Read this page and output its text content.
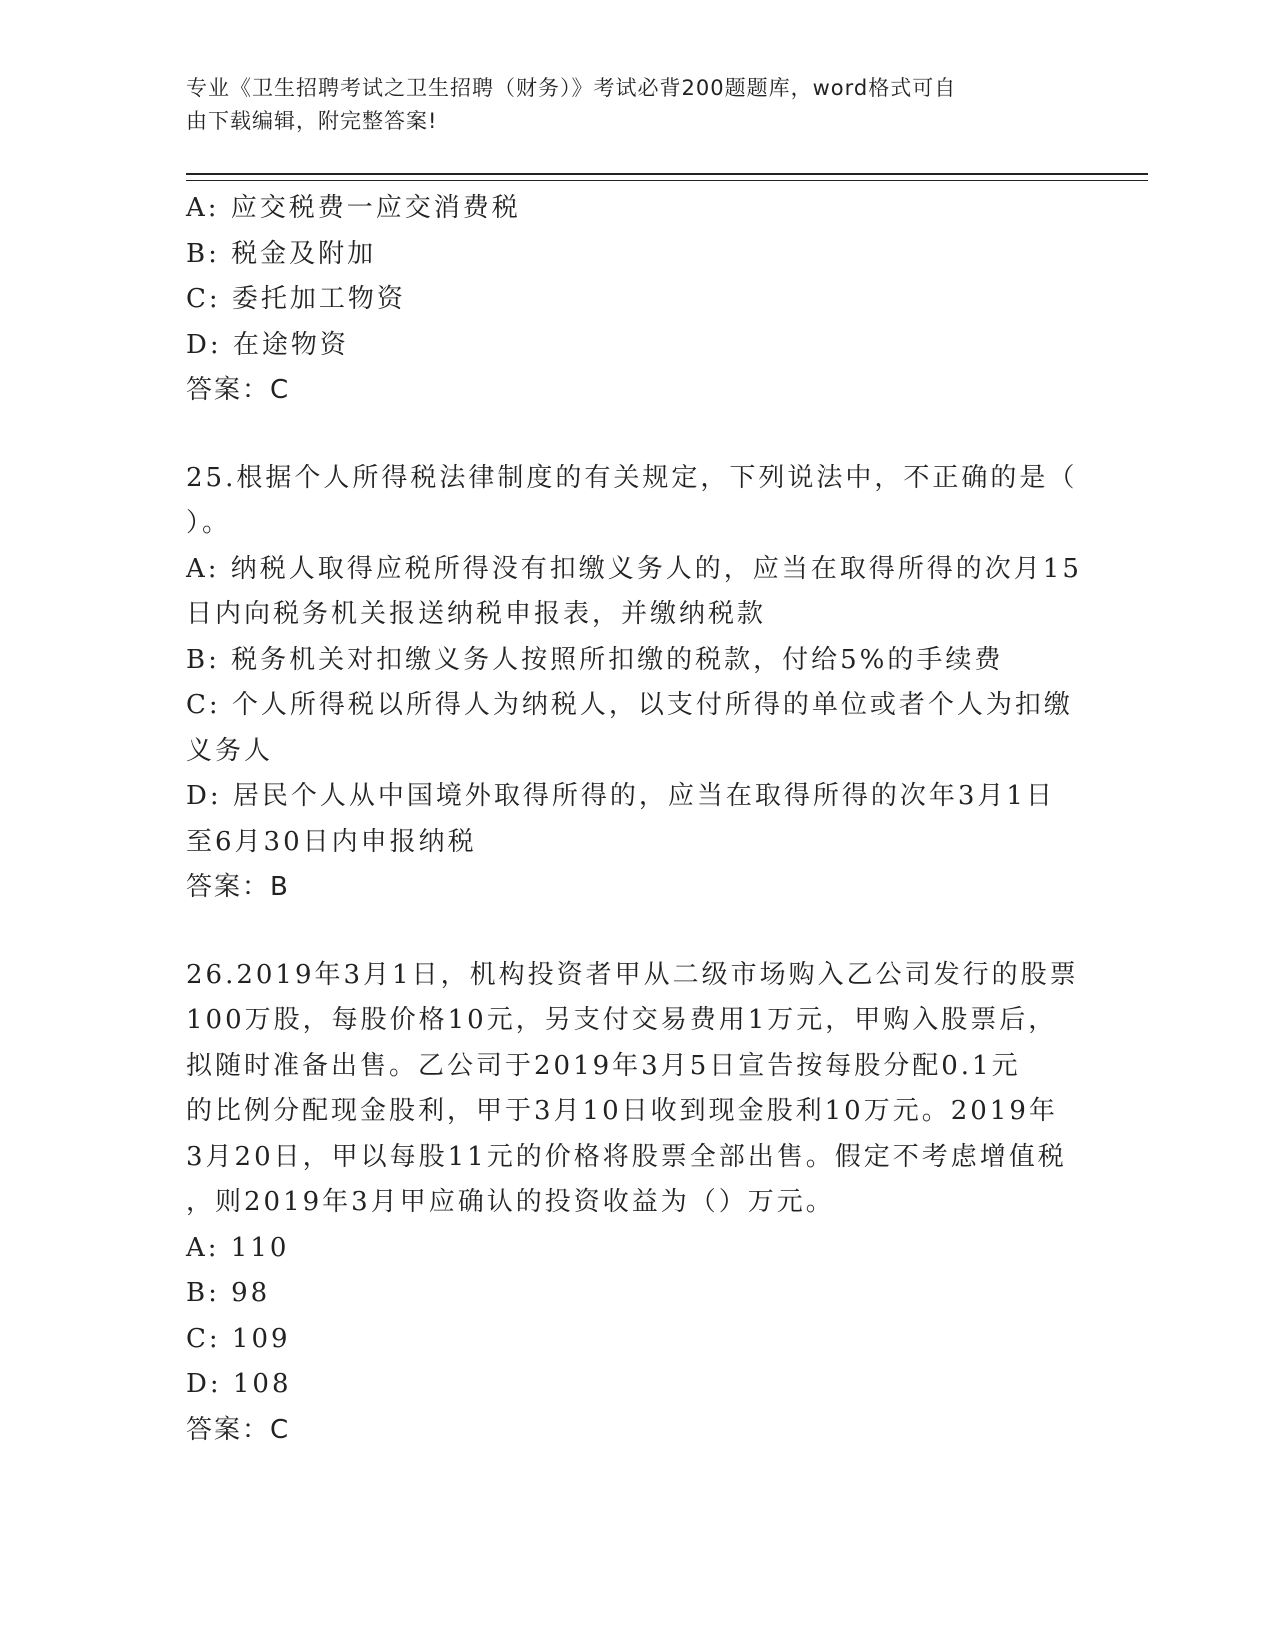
专业《卫生招聘考试之卫生招聘（财务）》考试必背200题题库，word格式可自
由下载编辑，附完整答案!
A: 应交税费一应交消费税
B: 税金及附加
C: 委托加工物资
D: 在途物资
答案：C
25.根据个人所得税法律制度的有关规定，下列说法中，不正确的是（
）。
A: 纳税人取得应税所得没有扣缴义务人的，应当在取得所得的次月15
日内向税务机关报送纳税申报表，并缴纳税款
B: 税务机关对扣缴义务人按照所扣缴的税款，付给5%的手续费
C: 个人所得税以所得人为纳税人，以支付所得的单位或者个人为扣缴
义务人
D: 居民个人从中国境外取得所得的，应当在取得所得的次年3月1日
至6月30日内申报纳税
答案：B
26.2019年3月1日，机构投资者甲从二级市场购入乙公司发行的股票
100万股，每股价格10元，另支付交易费用1万元，甲购入股票后，
拟随时准备出售。乙公司于2019年3月5日宣告按每股分配0.1元
的比例分配现金股利，甲于3月10日收到现金股利10万元。2019年
3月20日，甲以每股11元的价格将股票全部出售。假定不考虑增值税
，则2019年3月甲应确认的投资收益为（）万元。
A: 110
B: 98
C: 109
D: 108
答案：C
